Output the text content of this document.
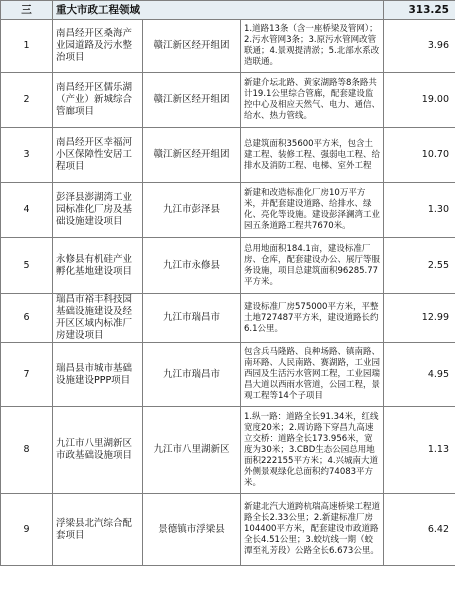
三	重大市政工程领域			313.25
1	南昌经开区桑海产业园道路及污水整治项目	赣江新区经开组团	1.道路13条（含一座桥梁及管网）；2.污水管网3条；3.原污水管网改管联通；4.景观提清淤；5.北部水系改造联通。	3.96
2	南昌经开区儒乐湖（产业）新城综合管廊项目	赣江新区经开组团	新建介坛北路、黄家湖路等8条路共计19.1公里综合管廊，配套建设监控中心及相应天然气、电力、通信、给水、热力管线。	19.00
3	南昌经开区幸福河小区保障性安居工程项目	赣江新区经开组团	总建筑面积35600平方米，包含土建工程、装修工程、强弱电工程、给排水及消防工程、电梯、室外工程	10.70
4	彭泽县澎湖湾工业园标准化厂房及基础设施建设项目	九江市彭泽县	新建和改造标准化厂房10万平方米，并配套建设道路、给排水、绿化、亮化等设施。建设彭泽澜湾工业园五条道路工程共7670米。	1.30
5	永修县有机硅产业孵化基地建设项目	九江市永修县	总用地面积184.1亩，建设标准厂房、仓库，配套建设办公、展厅等服务设施，项目总建筑面积96285.77平方米。	2.55
6	瑞昌市裕丰科技园基础设施建设及经开区区域内标准厂房建设项目	九江市瑞昌市	建设标准厂房575000平方米，平整土地727487平方米，建设道路长约6.1公里。	12.99
7	瑞昌县市城市基础设施建设PPP项目	九江市瑞昌市	包含兵马隆路、良种场路、镇南路、南环路、人民南路、赛湖路，工业园西园及生活污水管网工程，工业园瑞昌大道以西雨水管道，公园工程，景观工程等14个子项目	4.95
8	九江市八里湖新区市政基础设施项目	九江市八里湖新区	1.纵一路：道路全长91.34米，红线宽度20米；2.周访路下穿昌九高速立交桥：道路全长173.956米，宽度为30米；3.CBD生态公园总用地面积222155平方米；4.兴城南大道外侧景观绿化总面积约74083平方米。	1.13
9	浮梁县北汽综合配套项目	景德镇市浮梁县	新建北汽大道跨杭瑞高速桥梁工程道路全长2.33公里；2.新建标准厂房104400平方米，配套建设市政道路全长4.51公里；3.蛟坑线一期（蛟潭至礼芳段）公路全长6.673公里。	6.42
